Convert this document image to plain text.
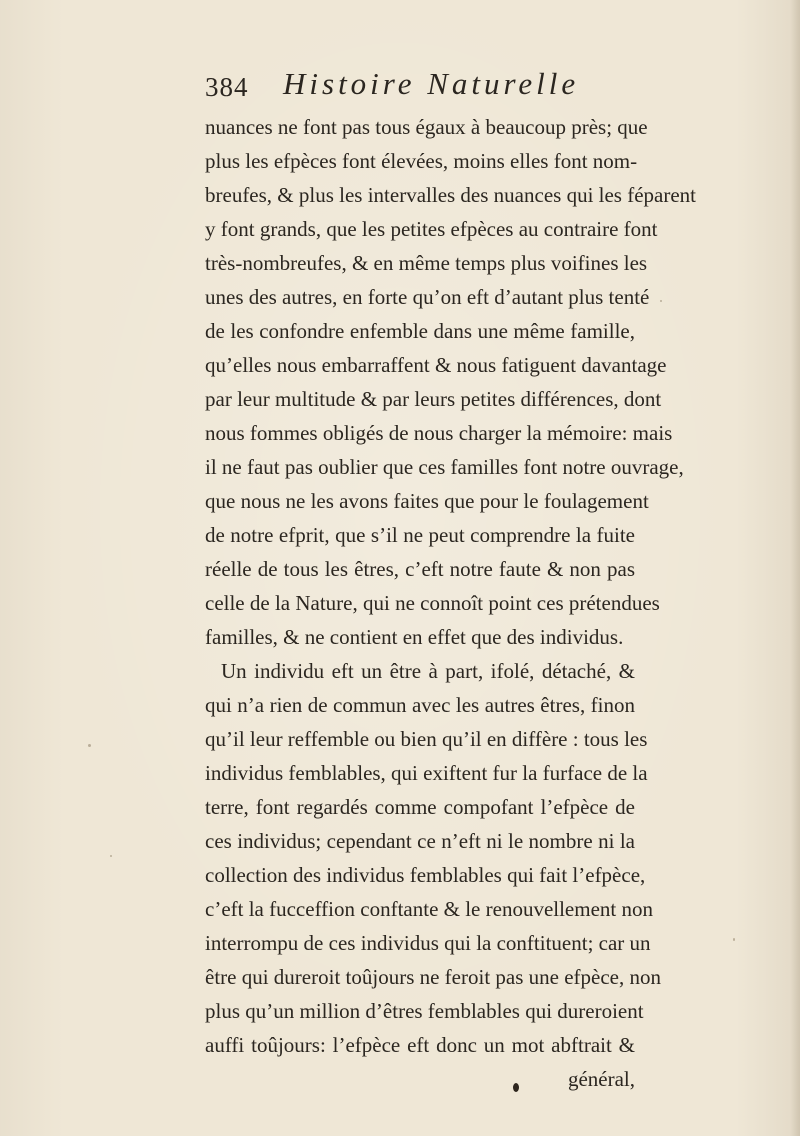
384 Histoire Naturelle
nuances ne font pas tous égaux à beaucoup près; que
plus les efpèces font élevées, moins elles font nom-
breufes, & plus les intervalles des nuances qui les féparent
y font grands, que les petites efpèces au contraire font
très-nombreufes, & en même temps plus voifines les
unes des autres, en forte qu’on eft d’autant plus tenté
de les confondre enfemble dans une même famille,
qu’elles nous embarraffent & nous fatiguent davantage
par leur multitude & par leurs petites différences, dont
nous fommes obligés de nous charger la mémoire: mais
il ne faut pas oublier que ces familles font notre ouvrage,
que nous ne les avons faites que pour le foulagement
de notre efprit, que s’il ne peut comprendre la fuite
réelle de tous les êtres, c’eft notre faute & non pas
celle de la Nature, qui ne connoît point ces prétendues
familles, & ne contient en effet que des individus.
Un individu eft un être à part, ifolé, détaché, &
qui n’a rien de commun avec les autres êtres, finon
qu’il leur reffemble ou bien qu’il en diffère : tous les
individus femblables, qui exiftent fur la furface de la
terre, font regardés comme compofant l’efpèce de
ces individus; cependant ce n’eft ni le nombre ni la
collection des individus femblables qui fait l’efpèce,
c’eft la fucceffion conftante & le renouvellement non
interrompu de ces individus qui la conftituent; car un
être qui dureroit toûjours ne feroit pas une efpèce, non
plus qu’un million d’êtres femblables qui dureroient
auffi toûjours: l’efpèce eft donc un mot abftrait &
général,
